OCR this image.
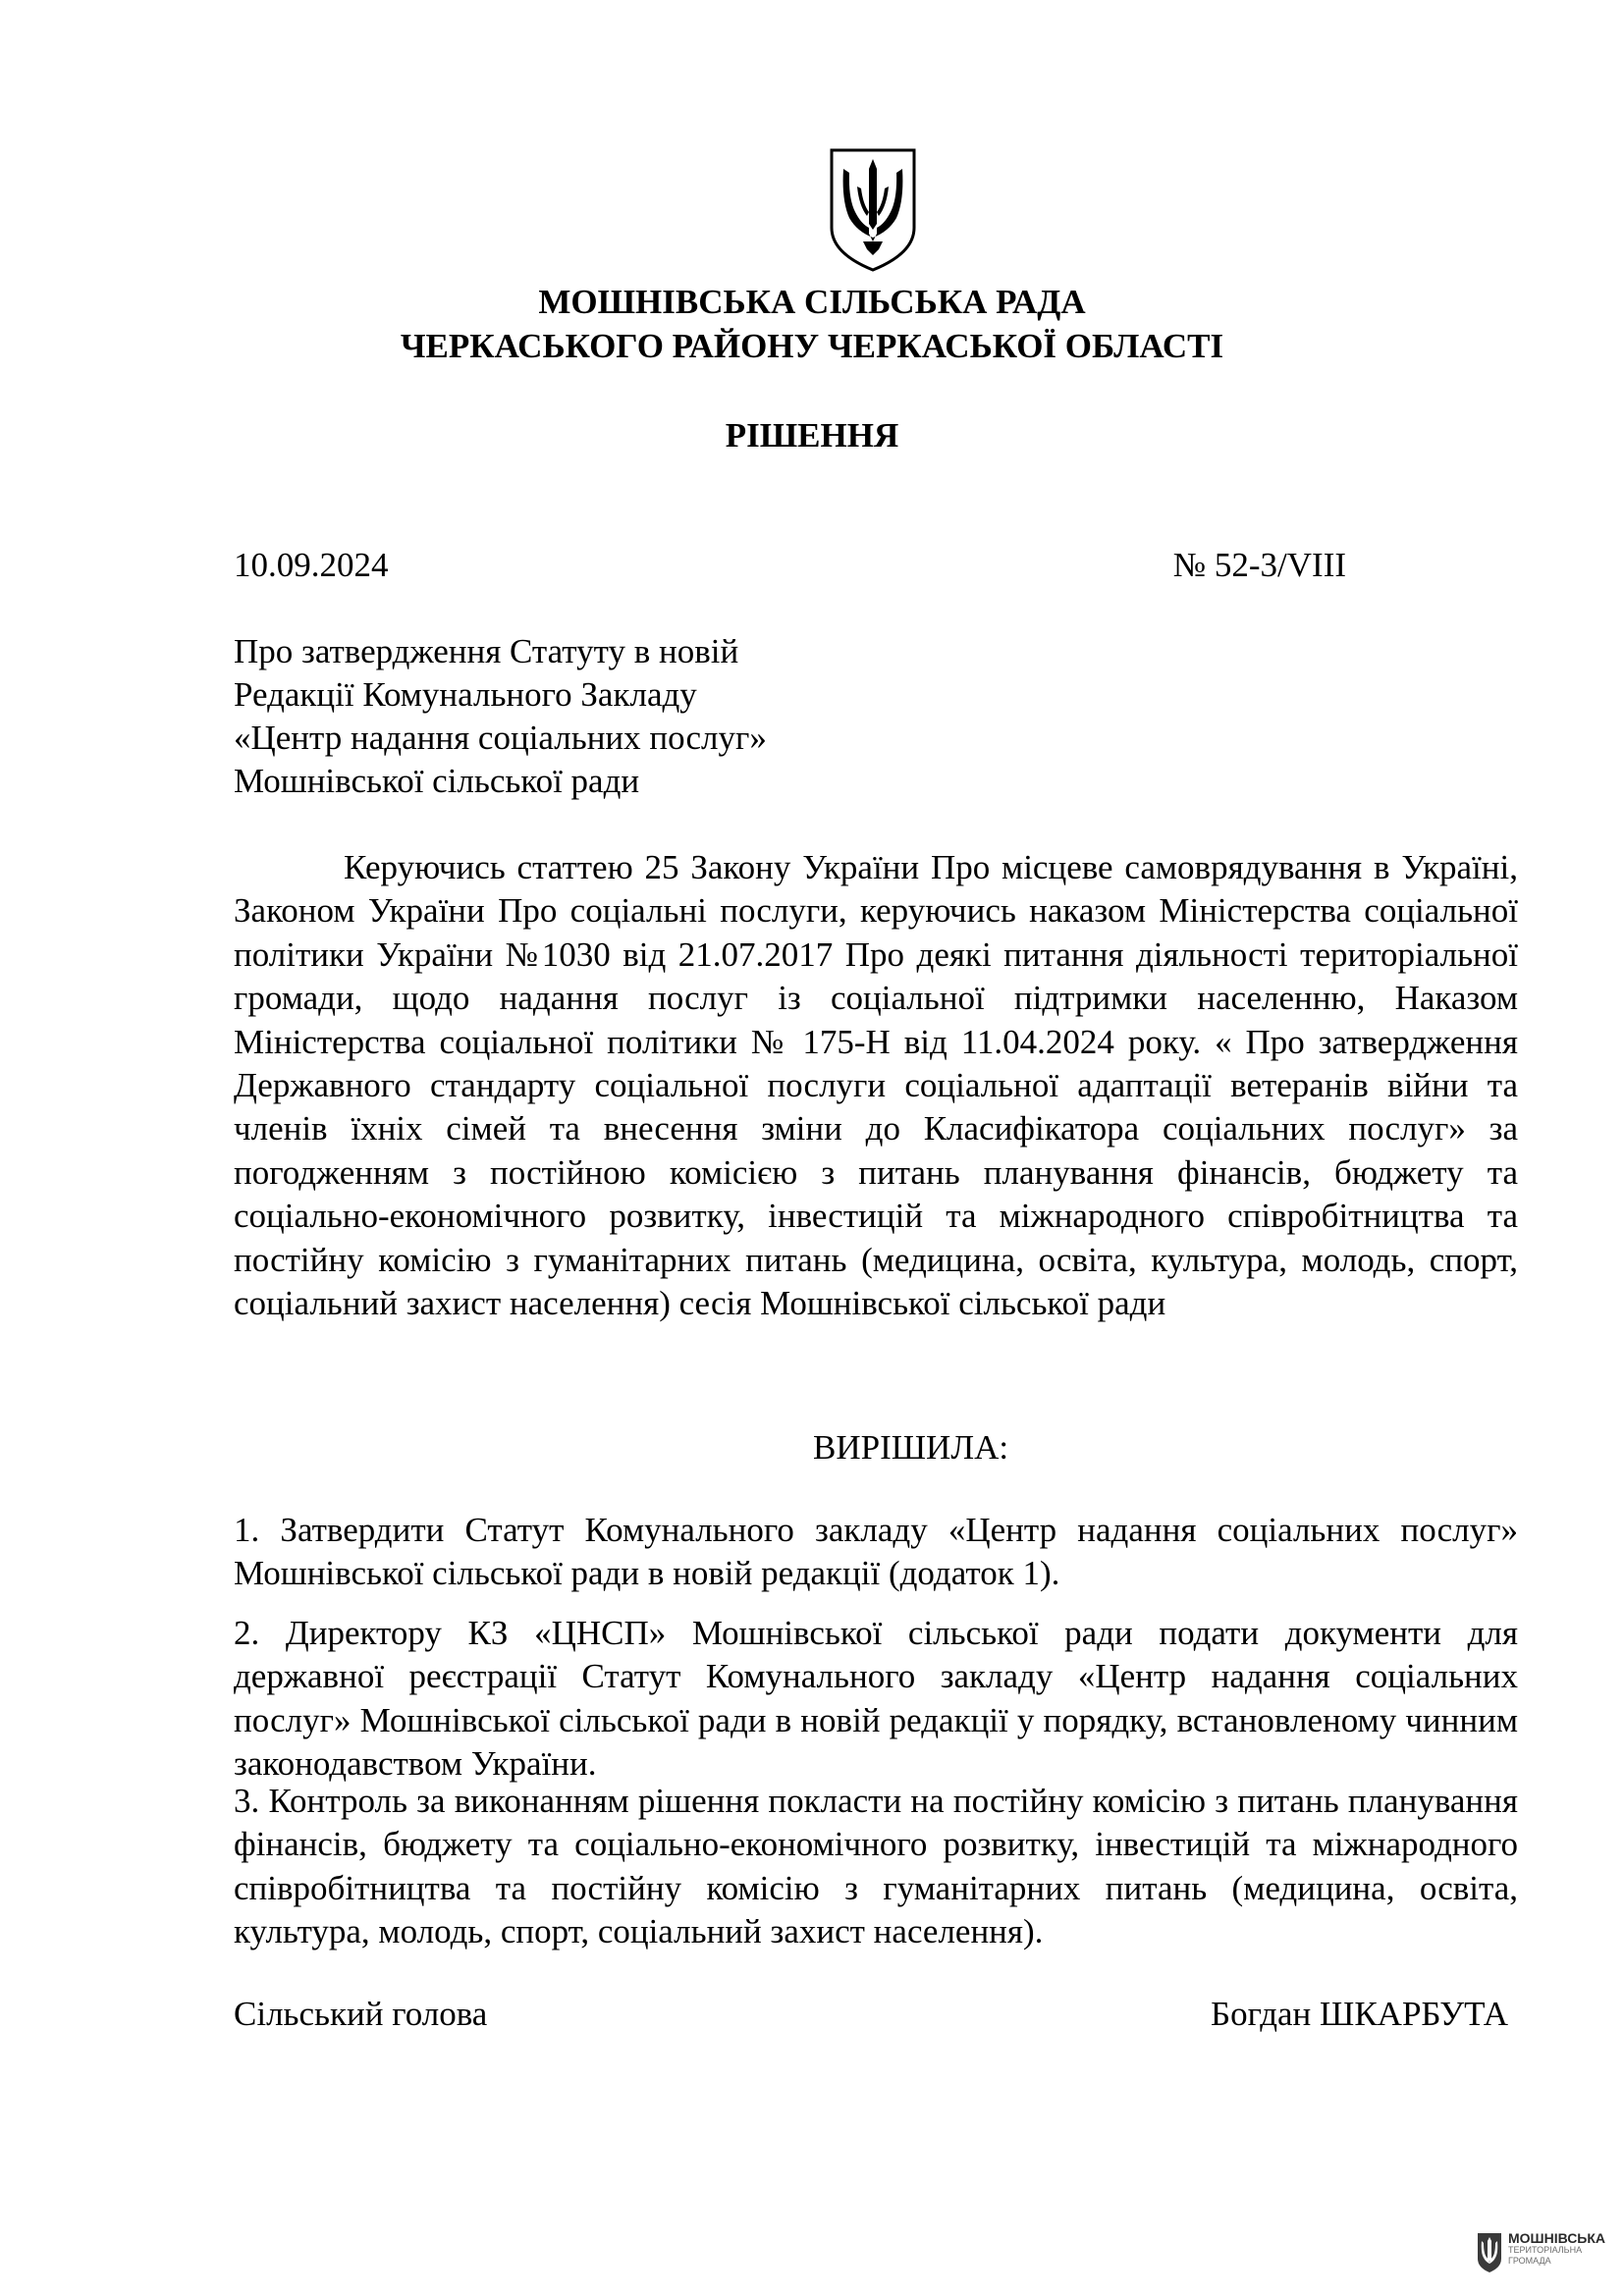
МОШНІВСЬКА СІЛЬСЬКА РАДА

ЧЕРКАСЬКОГО РАЙОНУ ЧЕРКАСЬКОЇ ОБЛАСТІ

РІШЕННЯ

10.09.2024	№ 52-3/VIII
Про затвердження Статуту в новій
Редакції Комунального Закладу
«Центр надання соціальних послуг»
Мошнівської сільської ради

Керуючись статтею 25 Закону України Про місцеве самоврядування в Україні, Законом України Про соціальні послуги, керуючись наказом Міністерства соціальної політики України №1030 від 21.07.2017 Про деякі питання діяльності територіальної громади, щодо надання послуг із соціальної підтримки населенню, Наказом Міністерства соціальної політики № 175-Н від 11.04.2024 року. « Про затвердження Державного стандарту соціальної послуги соціальної адаптації ветеранів війни та членів їхніх сімей та внесення зміни до Класифікатора соціальних послуг» за погодженням з постійною комісією з питань планування фінансів, бюджету та соціально-економічного розвитку, інвестицій та міжнародного співробітництва та постійну комісію з гуманітарних питань (медицина, освіта, культура, молодь, спорт, соціальний захист населення) сесія Мошнівської сільської ради

ВИРІШИЛА:

1. Затвердити Статут Комунального закладу «Центр надання соціальних послуг» Мошнівської сільської ради в новій редакції (додаток 1).

2. Директору КЗ «ЦНСП» Мошнівської сільської ради подати документи для державної реєстрації Статут Комунального закладу «Центр надання соціальних послуг» Мошнівської сільської ради в новій редакції у порядку, встановленому чинним законодавством України.

3. Контроль за виконанням рішення покласти на постійну комісію з питань планування фінансів, бюджету та соціально-економічного розвитку, інвестицій та міжнародного співробітництва та постійну комісію з гуманітарних питань (медицина, освіта, культура, молодь, спорт, соціальний захист населення).

Сільський голова	Богдан ШКАРБУТА
МОШНІВСЬКА
ТЕРИТОРІАЛЬНА
ГРОМАДА
